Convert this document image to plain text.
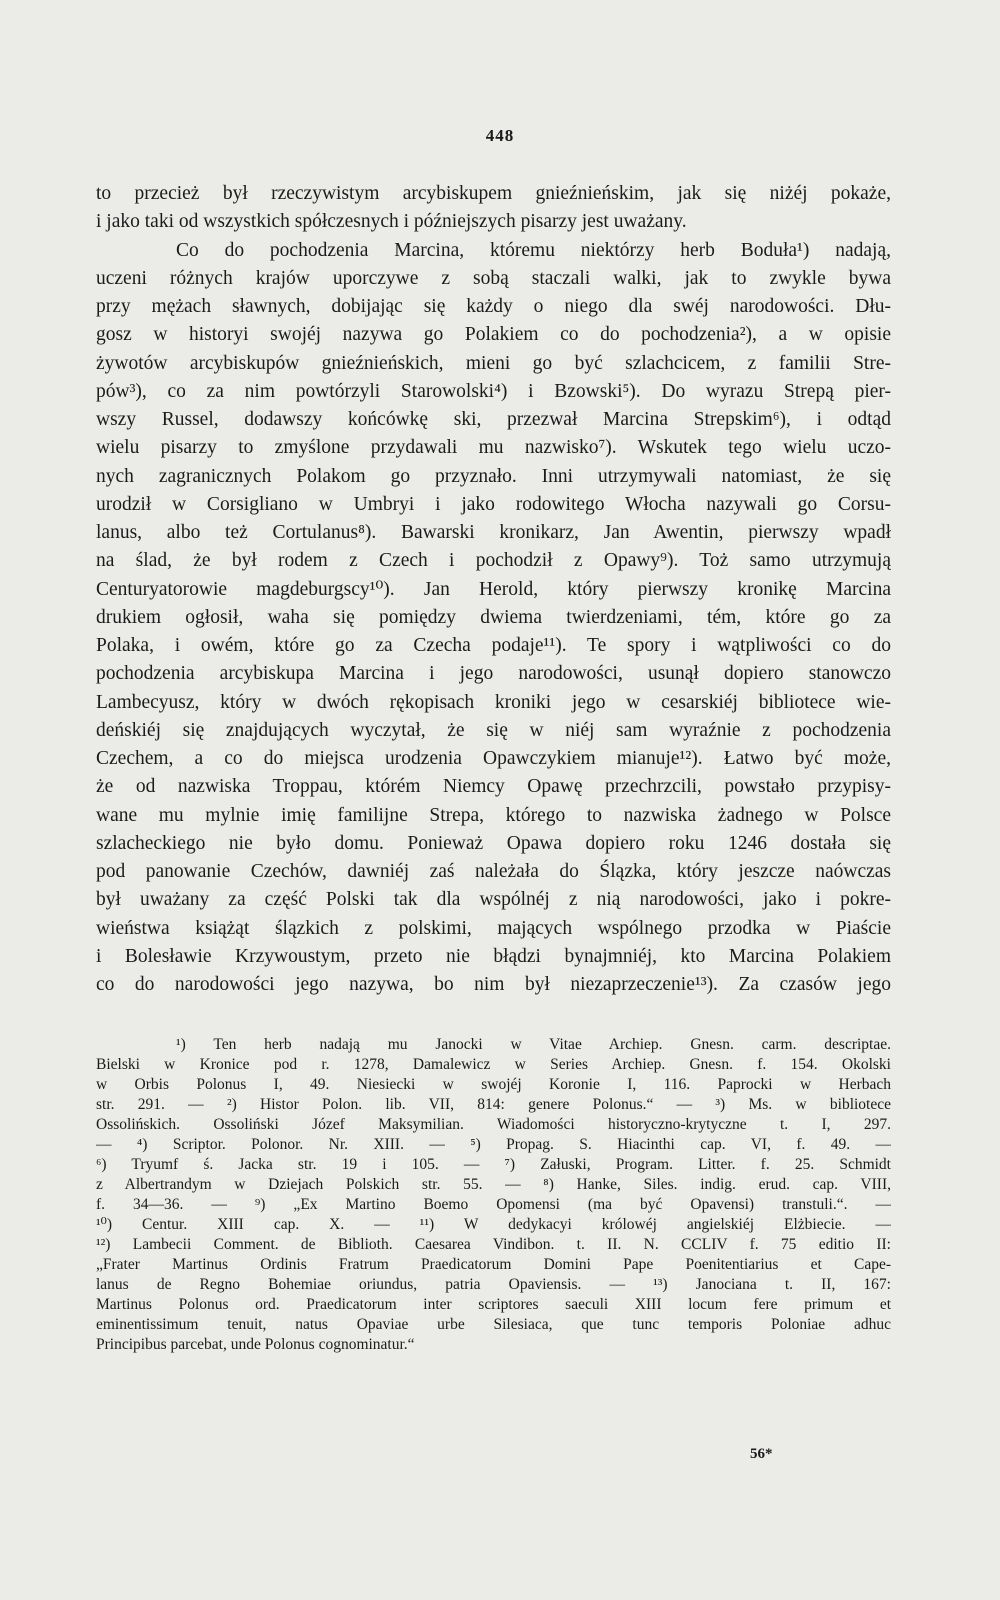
448
to przecież był rzeczywistym arcybiskupem gnieźnieńskim, jak się niżéj pokaże,
i jako taki od wszystkich spółczesnych i późniejszych pisarzy jest uważany.
Co do pochodzenia Marcina, któremu niektórzy herb Boduła¹) nadają,
uczeni różnych krajów uporczywe z sobą staczali walki, jak to zwykle bywa
przy mężach sławnych, dobijając się każdy o niego dla swéj narodowości. Dłu-
gosz w historyi swojéj nazywa go Polakiem co do pochodzenia²), a w opisie
żywotów arcybiskupów gnieźnieńskich, mieni go być szlachcicem, z familii Stre-
pów³), co za nim powtórzyli Starowolski⁴) i Bzowski⁵). Do wyrazu Strepą pier-
wszy Russel, dodawszy końcówkę ski, przezwał Marcina Strepskim⁶), i odtąd
wielu pisarzy to zmyślone przydawali mu nazwisko⁷). Wskutek tego wielu uczo-
nych zagranicznych Polakom go przyznało. Inni utrzymywali natomiast, że się
urodził w Corsigliano w Umbryi i jako rodowitego Włocha nazywali go Corsu-
lanus, albo też Cortulanus⁸). Bawarski kronikarz, Jan Awentin, pierwszy wpadł
na ślad, że był rodem z Czech i pochodził z Opawy⁹). Toż samo utrzymują
Centuryatorowie magdeburgscy¹⁰). Jan Herold, który pierwszy kronikę Marcina
drukiem ogłosił, waha się pomiędzy dwiema twierdzeniami, tém, które go za
Polaka, i owém, które go za Czecha podaje¹¹). Te spory i wątpliwości co do
pochodzenia arcybiskupa Marcina i jego narodowości, usunął dopiero stanowczo
Lambecyusz, który w dwóch rękopisach kroniki jego w cesarskiéj bibliotece wie-
deńskiéj się znajdujących wyczytał, że się w niéj sam wyraźnie z pochodzenia
Czechem, a co do miejsca urodzenia Opawczykiem mianuje¹²). Łatwo być może,
że od nazwiska Troppau, którém Niemcy Opawę przechrzcili, powstało przypisy-
wane mu mylnie imię familijne Strepa, którego to nazwiska żadnego w Polsce
szlacheckiego nie było domu. Ponieważ Opawa dopiero roku 1246 dostała się
pod panowanie Czechów, dawniéj zaś należała do Ślązka, który jeszcze naówczas
był uważany za część Polski tak dla wspólnéj z nią narodowości, jako i pokre-
wieństwa książąt ślązkich z polskimi, mających wspólnego przodka w Piaście
i Bolesławie Krzywoustym, przeto nie błądzi bynajmniéj, kto Marcina Polakiem
co do narodowości jego nazywa, bo nim był niezaprzeczenie¹³). Za czasów jego
¹) Ten herb nadają mu Janocki w Vitae Archiep. Gnesn. carm. descriptae.
Bielski w Kronice pod r. 1278, Damalewicz w Series Archiep. Gnesn. f. 154. Okolski
w Orbis Polonus I, 49. Niesiecki w swojéj Koronie I, 116. Paprocki w Herbach
str. 291. — ²) Histor Polon. lib. VII, 814: genere Polonus.“ — ³) Ms. w bibliotece
Ossolińskich. Ossoliński Józef Maksymilian. Wiadomości historyczno-krytyczne t. I, 297.
— ⁴) Scriptor. Polonor. Nr. XIII. — ⁵) Propag. S. Hiacinthi cap. VI, f. 49. —
⁶) Tryumf ś. Jacka str. 19 i 105. — ⁷) Załuski, Program. Litter. f. 25. Schmidt
z Albertrandym w Dziejach Polskich str. 55. — ⁸) Hanke, Siles. indig. erud. cap. VIII,
f. 34—36. — ⁹) „Ex Martino Boemo Opomensi (ma być Opavensi) transtuli.“. —
¹⁰) Centur. XIII cap. X. — ¹¹) W dedykacyi królowéj angielskiéj Elżbiecie. —
¹²) Lambecii Comment. de Biblioth. Caesarea Vindibon. t. II. N. CCLIV f. 75 editio II:
„Frater Martinus Ordinis Fratrum Praedicatorum Domini Pape Poenitentiarius et Cape-
lanus de Regno Bohemiae oriundus, patria Opaviensis. — ¹³) Janociana t. II, 167:
Martinus Polonus ord. Praedicatorum inter scriptores saeculi XIII locum fere primum et
eminentissimum tenuit, natus Opaviae urbe Silesiaca, que tunc temporis Poloniae adhuc
Principibus parcebat, unde Polonus cognominatur.“
56*
